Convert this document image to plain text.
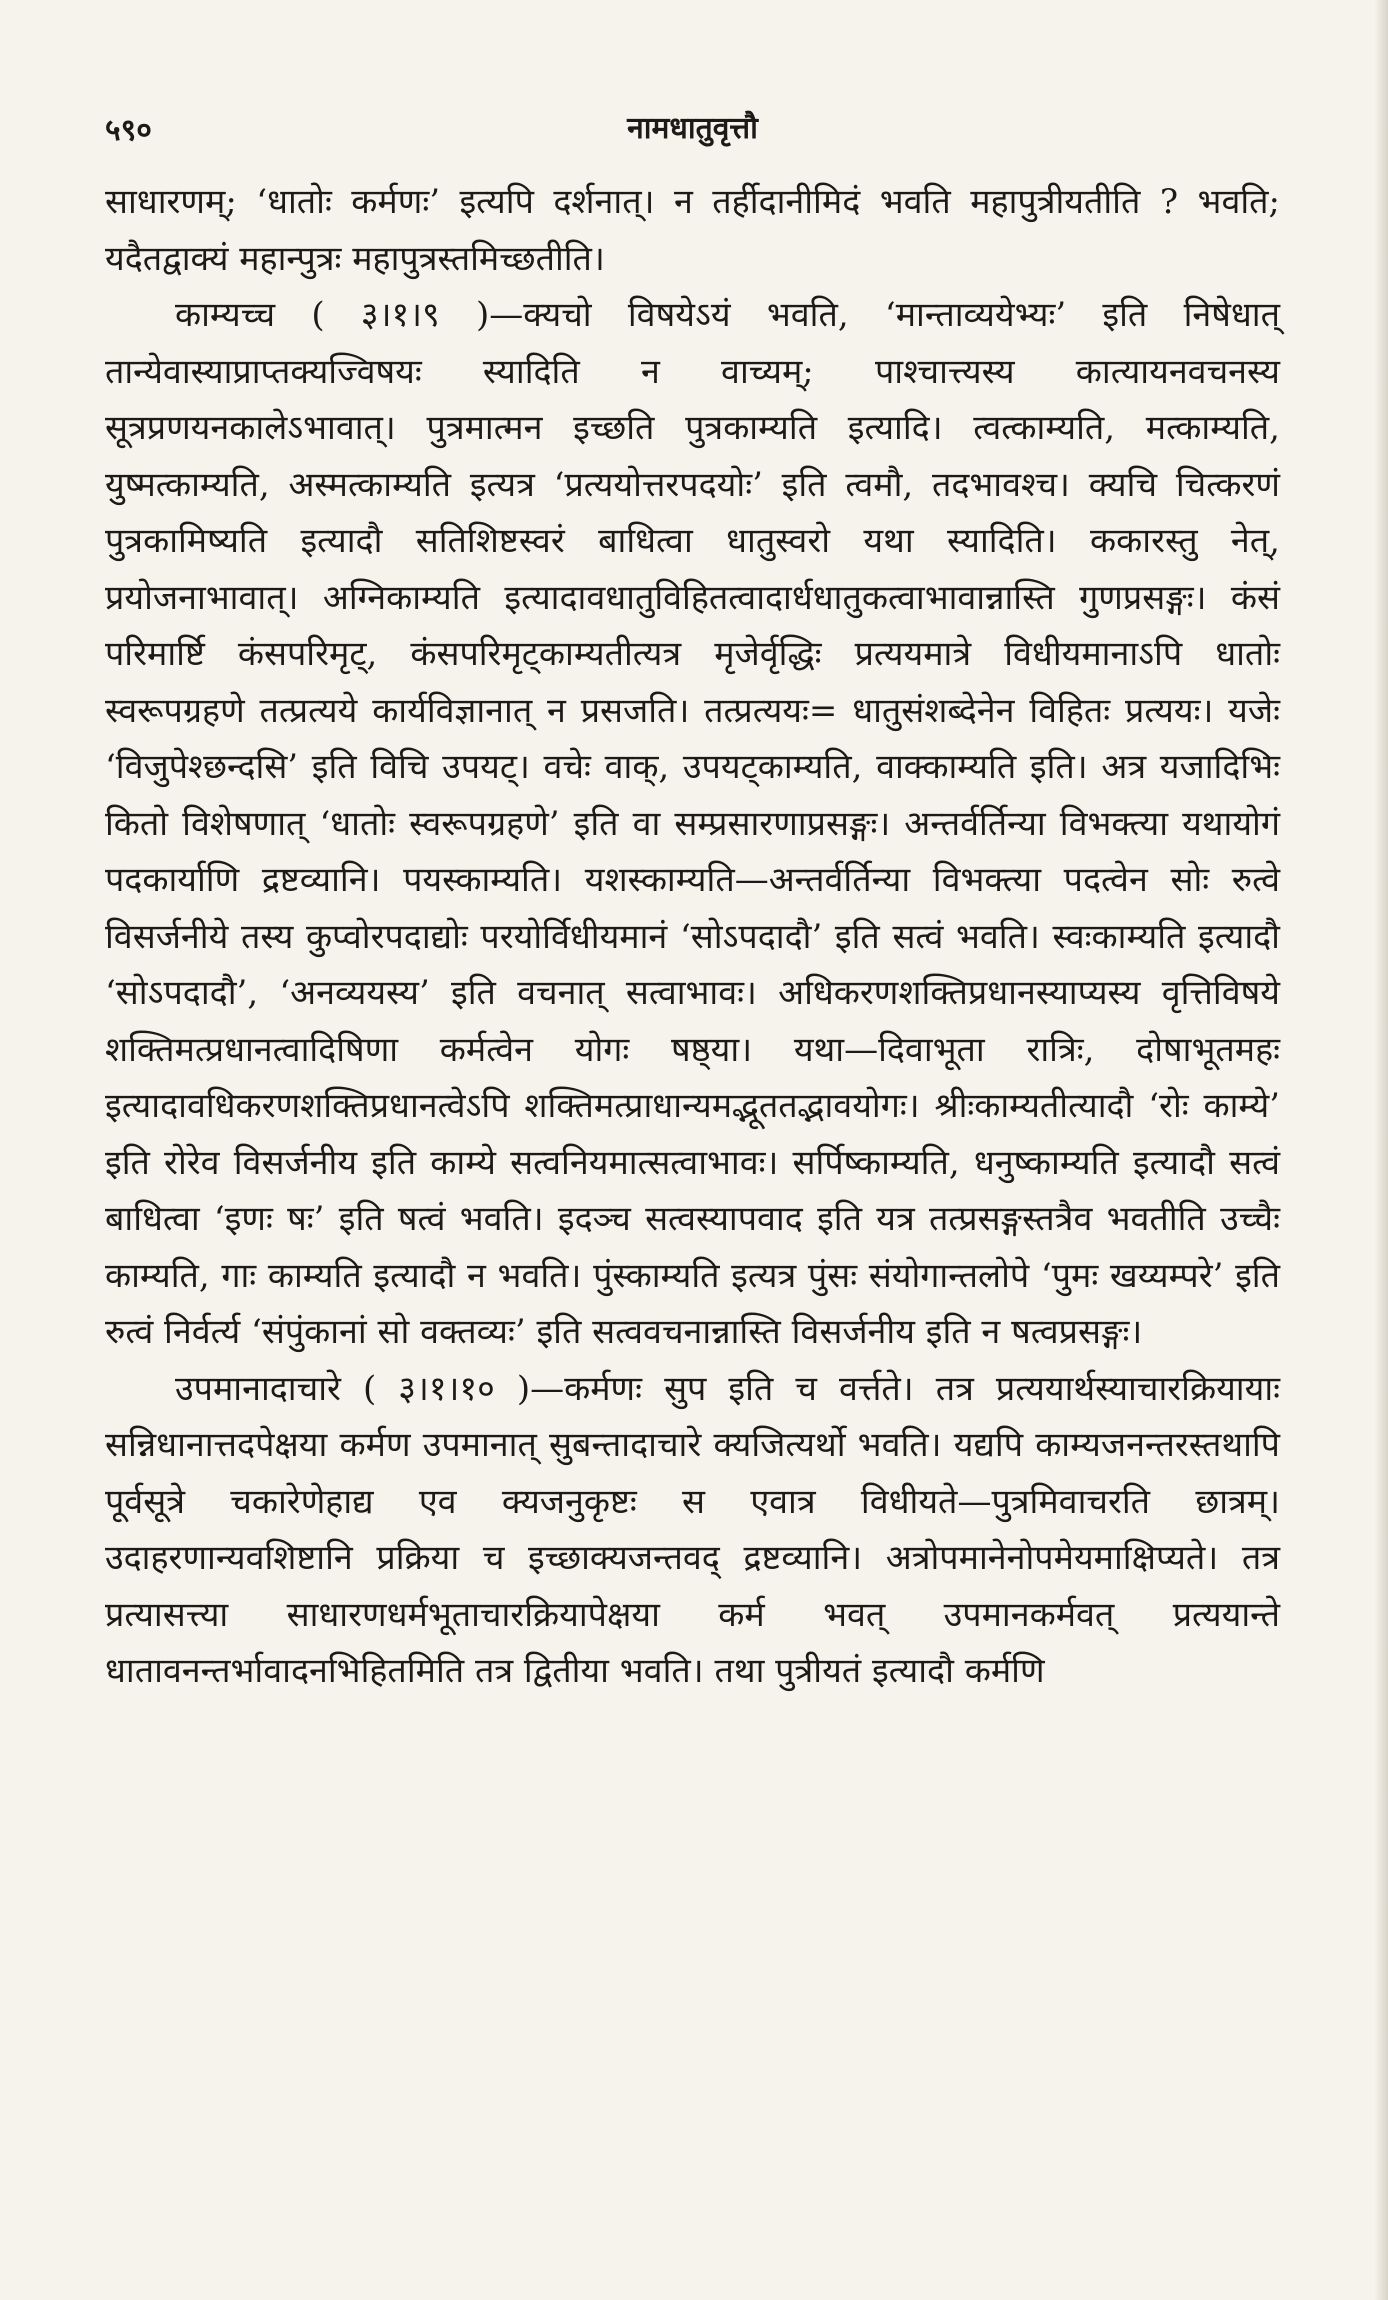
५९०	नामधातुवृत्तौ

साधारणम्; ‘धातोः कर्मणः’ इत्यपि दर्शनात्। न तर्हीदानीमिदं भवति महापुत्रीयतीति ? भवति; यदैतद्वाक्यं महान्पुत्रः महापुत्रस्तमिच्छतीति।

काम्यच्च ( ३।१।९ )—क्यचो विषयेऽयं भवति, ‘मान्ताव्ययेभ्यः’ इति निषेधात् तान्येवास्याप्राप्तक्यज्विषयः स्यादिति न वाच्यम्; पाश्चात्त्यस्य कात्यायनवचनस्य सूत्रप्रणयनकालेऽभावात्। पुत्रमात्मन इच्छति पुत्रकाम्यति इत्यादि। त्वत्काम्यति, मत्काम्यति, युष्मत्काम्यति, अस्मत्काम्यति इत्यत्र ‘प्रत्ययोत्तरपदयोः’ इति त्वमौ, तदभावश्च। क्यचि चित्करणं पुत्रकामिष्यति इत्यादौ सतिशिष्टस्वरं बाधित्वा धातुस्वरो यथा स्यादिति। ककारस्तु नेत्, प्रयोजनाभावात्। अग्निकाम्यति इत्यादावधातुविहितत्वादार्धधातुकत्वाभावान्नास्ति गुणप्रसङ्गः। कंसं परिमार्ष्टि कंसपरिमृट्, कंसपरिमृट्काम्यतीत्यत्र मृजेर्वृद्धिः प्रत्ययमात्रे विधीयमानाऽपि धातोः स्वरूपग्रहणे तत्प्रत्यये कार्यविज्ञानात् न प्रसजति। तत्प्रत्ययः= धातुसंशब्देनेन विहितः प्रत्ययः। यजेः ‘विजुपेश्छन्दसि’ इति विचि उपयट्। वचेः वाक्, उपयट्काम्यति, वाक्काम्यति इति। अत्र यजादिभिः कितो विशेषणात् ‘धातोः स्वरूपग्रहणे’ इति वा सम्प्रसारणाप्रसङ्गः। अन्तर्वर्तिन्या विभक्त्या यथायोगं पदकार्याणि द्रष्टव्यानि। पयस्काम्यति। यशस्काम्यति—अन्तर्वर्तिन्या विभक्त्या पदत्वेन सोः रुत्वे विसर्जनीये तस्य कुप्वोरपदाद्योः परयोर्विधीयमानं ‘सोऽपदादौ’ इति सत्वं भवति। स्वःकाम्यति इत्यादौ ‘सोऽपदादौ’, ‘अनव्ययस्य’ इति वचनात् सत्वाभावः। अधिकरणशक्तिप्रधानस्याप्यस्य वृत्तिविषये शक्तिमत्प्रधानत्वादिषिणा कर्मत्वेन योगः षष्ठ्या। यथा—दिवाभूता रात्रिः, दोषाभूतमहः इत्यादावधिकरणशक्तिप्रधानत्वेऽपि शक्तिमत्प्राधान्यमद्भूततद्भावयोगः। श्रीःकाम्यतीत्यादौ ‘रोः काम्ये’ इति रोरेव विसर्जनीय इति काम्ये सत्वनियमात्सत्वाभावः। सर्पिष्काम्यति, धनुष्काम्यति इत्यादौ सत्वं बाधित्वा ‘इणः षः’ इति षत्वं भवति। इदञ्च सत्वस्यापवाद इति यत्र तत्प्रसङ्गस्तत्रैव भवतीति उच्चैः काम्यति, गाः काम्यति इत्यादौ न भवति। पुंस्काम्यति इत्यत्र पुंसः संयोगान्तलोपे ‘पुमः खय्यम्परे’ इति रुत्वं निर्वर्त्य ‘संपुंकानां सो वक्तव्यः’ इति सत्ववचनान्नास्ति विसर्जनीय इति न षत्वप्रसङ्गः।

उपमानादाचारे ( ३।१।१० )—कर्मणः सुप इति च वर्त्तते। तत्र प्रत्ययार्थस्याचारक्रियायाः सन्निधानात्तदपेक्षया कर्मण उपमानात् सुबन्तादाचारे क्यजित्यर्थो भवति। यद्यपि काम्यजनन्तरस्तथापि पूर्वसूत्रे चकारेणेहाद्य एव क्यजनुकृष्टः स एवात्र विधीयते—पुत्रमिवाचरति छात्रम्। उदाहरणान्यवशिष्टानि प्रक्रिया च इच्छाक्यजन्तवद् द्रष्टव्यानि। अत्रोपमानेनोपमेयमाक्षिप्यते। तत्र प्रत्यासत्त्या साधारणधर्मभूताचारक्रियापेक्षया कर्म भवत् उपमानकर्मवत् प्रत्ययान्ते धातावनन्तर्भावादनभिहितमिति तत्र द्वितीया भवति। तथा पुत्रीयतं इत्यादौ कर्मणि
